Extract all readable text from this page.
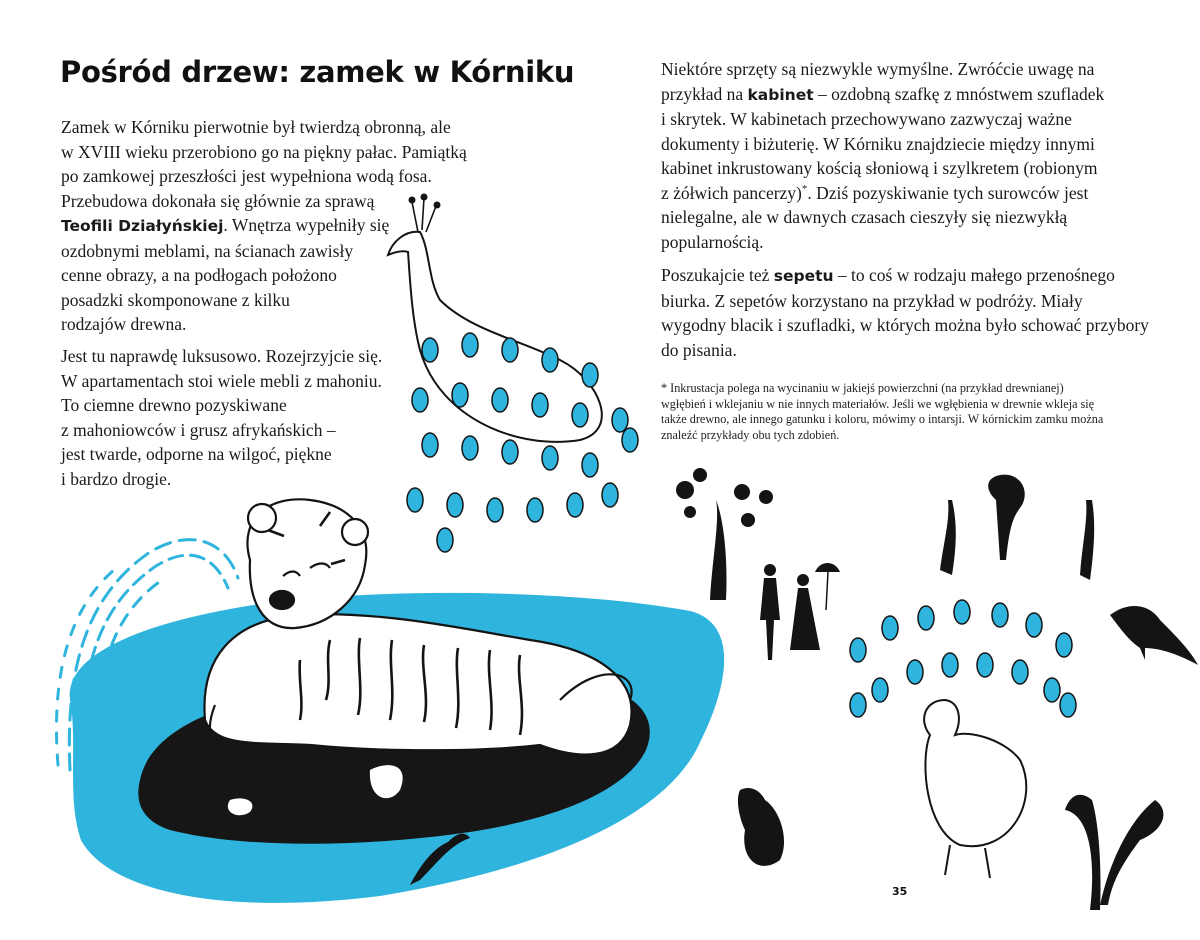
Pośród drzew: zamek w Kórniku

Zamek w Kórniku pierwotnie był twierdzą obronną, ale
w XVIII wieku przerobiono go na piękny pałac. Pamiątką
po zamkowej przeszłości jest wypełniona wodą fosa.
Przebudowa dokonała się głównie za sprawą
Teofili Działyńskiej. Wnętrza wypełniły się
ozdobnymi meblami, na ścianach zawisły
cenne obrazy, a na podłogach położono
posadzki skomponowane z kilku
rodzajów drewna.

Jest tu naprawdę luksusowo. Rozejrzyjcie się.
W apartamentach stoi wiele mebli z mahoniu.
To ciemne drewno pozyskiwane
z mahoniowców i grusz afrykańskich –
jest twarde, odporne na wilgoć, piękne
i bardzo drogie.

Niektóre sprzęty są niezwykle wymyślne. Zwróćcie uwagę na
przykład na kabinet – ozdobną szafkę z mnóstwem szufladek
i skrytek. W kabinetach przechowywano zazwyczaj ważne
dokumenty i biżuterię. W Kórniku znajdziecie między innymi
kabinet inkrustowany kością słoniową i szylkretem (robionym
z żółwich pancerzy)*. Dziś pozyskiwanie tych surowców jest
nielegalne, ale w dawnych czasach cieszyły się niezwykłą
popularnością.

Poszukajcie też sepetu – to coś w rodzaju małego przenośnego
biurka. Z sepetów korzystano na przykład w podróży. Miały
wygodny blacik i szufladki, w których można było schować przybory
do pisania.

* Inkrustacja polega na wycinaniu w jakiejś powierzchni (na przykład drewnianej)
wgłębień i wklejaniu w nie innych materiałów. Jeśli we wgłębienia w drewnie wkleja się
także drewno, ale innego gatunku i koloru, mówimy o intarsji. W kórnickim zamku można
znaleźć przykłady obu tych zdobień.

35
